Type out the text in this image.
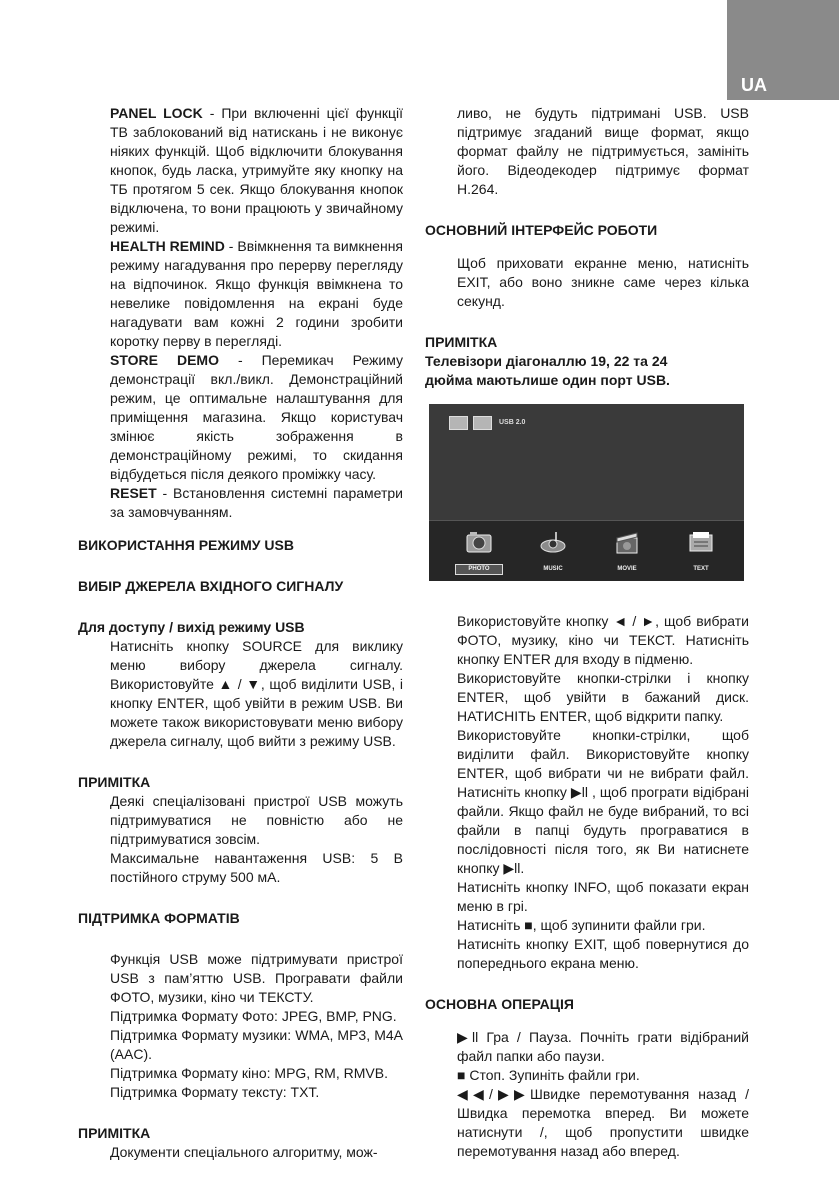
UA

PANEL LOCK - При включенні цієї функції ТВ заблокований від натискань і не виконує ніяких функцій. Щоб відключити блокування кнопок, будь ласка, утримуйте яку кнопку на ТБ протягом 5 сек. Якщо блокування кнопок відключена, то вони працюють у звичайному режимі.

HEALTH REMIND - Ввімкнення та вимкнення режиму нагадування про перерву перегляду на відпочинок. Якщо функція ввімкнена то невелике повідомлення на екрані буде нагадувати вам кожні 2 години зробити коротку перву в перегляді.

STORE DEMO - Перемикач Режиму демонстрації вкл./викл. Демонстраційний режим, це оптимальне налаштування для приміщення магазина. Якщо користувач змінює якість зображення в демонстраційному режимі, то скидання відбудеться після деякого проміжку часу.

RESET - Встановлення системні параметри за замовчуванням.

ВИКОРИСТАННЯ РЕЖИМУ USB

ВИБІР ДЖЕРЕЛА ВХІДНОГО СИГНАЛУ

Для доступу / вихід режиму USB

Натисніть кнопку SOURCE для виклику меню вибору джерела сигналу. Використовуйте ▲ / ▼, щоб виділити USB, і кнопку ENTER, щоб увійти в режим USB. Ви можете також використовувати меню вибору джерела сигналу, щоб вийти з режиму USB.

ПРИМІТКА

Деякі спеціалізовані пристрої USB можуть підтримуватися не повністю або не підтримуватися зовсім.

Максимальне навантаження USB: 5 В постійного струму 500 мА.

ПІДТРИМКА ФОРМАТІВ

Функція USB може підтримувати пристрої USB з пам’яттю USB. Програвати файли ФОТО, музики, кіно чи ТЕКСТУ.

Підтримка Формату Фото: JPEG, BMP, PNG.

Підтримка Формату музики: WMA, MP3, M4A (AAC).

Підтримка Формату кіно: MPG, RM, RMVB.

Підтримка Формату тексту: TXT.

ПРИМІТКА

Документи спеціального алгоритму, мож-

ливо, не будуть підтримані USB. USB підтримує згаданий вище формат, якщо формат файлу не підтримується, замініть його. Відеодекодер підтримує формат H.264.

ОСНОВНИЙ ІНТЕРФЕЙС РОБОТИ

Щоб приховати екранне меню, натисніть EXIT, або воно зникне саме через кілька секунд.

ПРИМІТКА

Телевізори діагоналлю 19, 22 та 24

дюйма маютьлише один порт USB.

USB 2.0
PHOTO	MUSIC	MOVIE	TEXT

Використовуйте кнопку ◄ / ►, щоб вибрати ФОТО, музику, кіно чи ТЕКСТ. Натисніть кнопку ENTER для входу в підменю.

Використовуйте кнопки-стрілки і кнопку ENTER, щоб увійти в бажаний диск. НАТИСНІТЬ ENTER, щоб відкрити папку.

Використовуйте кнопки-стрілки, щоб виділити файл. Використовуйте кнопку ENTER, щоб вибрати чи не вибрати файл. Натисніть кнопку ▶ll , щоб програти відібрані файли. Якщо файл не буде вибраний, то всі файли в папці будуть програватися в послідовності після того, як Ви натиснете кнопку ▶ll.

Натисніть кнопку INFO, щоб показати екран меню в грі.

Натисніть ■, щоб зупинити файли гри.

Натисніть кнопку EXIT, щоб повернутися до попереднього екрана меню.

ОСНОВНА ОПЕРАЦІЯ

▶ll Гра / Пауза. Почніть грати відібраний файл папки або паузи.

■ Стоп. Зупиніть файли гри.

◀◀/▶▶Швидке перемотування назад / Швидка перемотка вперед. Ви можете натиснути /, щоб пропустити швидке перемотування назад або вперед.
